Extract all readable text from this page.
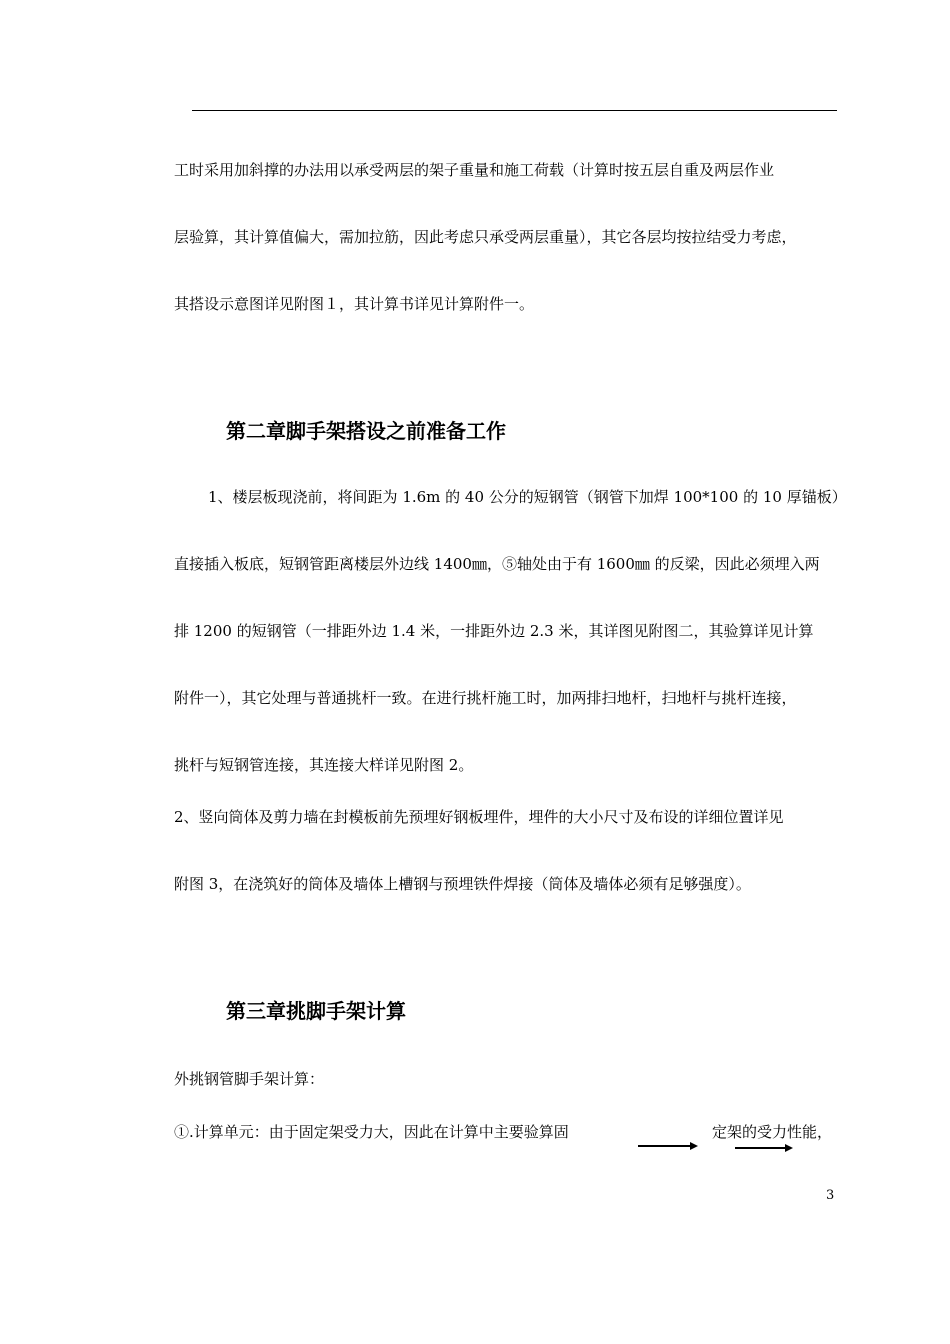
工时采用加斜撑的办法用以承受两层的架子重量和施工荷载（计算时按五层自重及两层作业
层验算，其计算值偏大，需加拉筋，因此考虑只承受两层重量），其它各层均按拉结受力考虑，
其搭设示意图详见附图１，其计算书详见计算附件一。
第二章脚手架搭设之前准备工作
1、楼层板现浇前，将间距为 1.6m 的 40 公分的短钢管（钢管下加焊 100*100 的 10 厚锚板）
直接插入板底，短钢管距离楼层外边线 1400㎜，⑤轴处由于有 1600㎜ 的反梁，因此必须埋入两
排 1200 的短钢管（一排距外边 1.4 米，一排距外边 2.3 米，其详图见附图二，其验算详见计算
附件一），其它处理与普通挑杆一致。在进行挑杆施工时，加两排扫地杆，扫地杆与挑杆连接，
挑杆与短钢管连接，其连接大样详见附图 2。
2、竖向筒体及剪力墙在封模板前先预埋好钢板埋件，埋件的大小尺寸及布设的详细位置详见
附图 3，在浇筑好的筒体及墙体上槽钢与预埋铁件焊接（筒体及墙体必须有足够强度）。
第三章挑脚手架计算
外挑钢管脚手架计算：
①.计算单元：由于固定架受力大，因此在计算中主要验算固	定架的受力性能，
3
